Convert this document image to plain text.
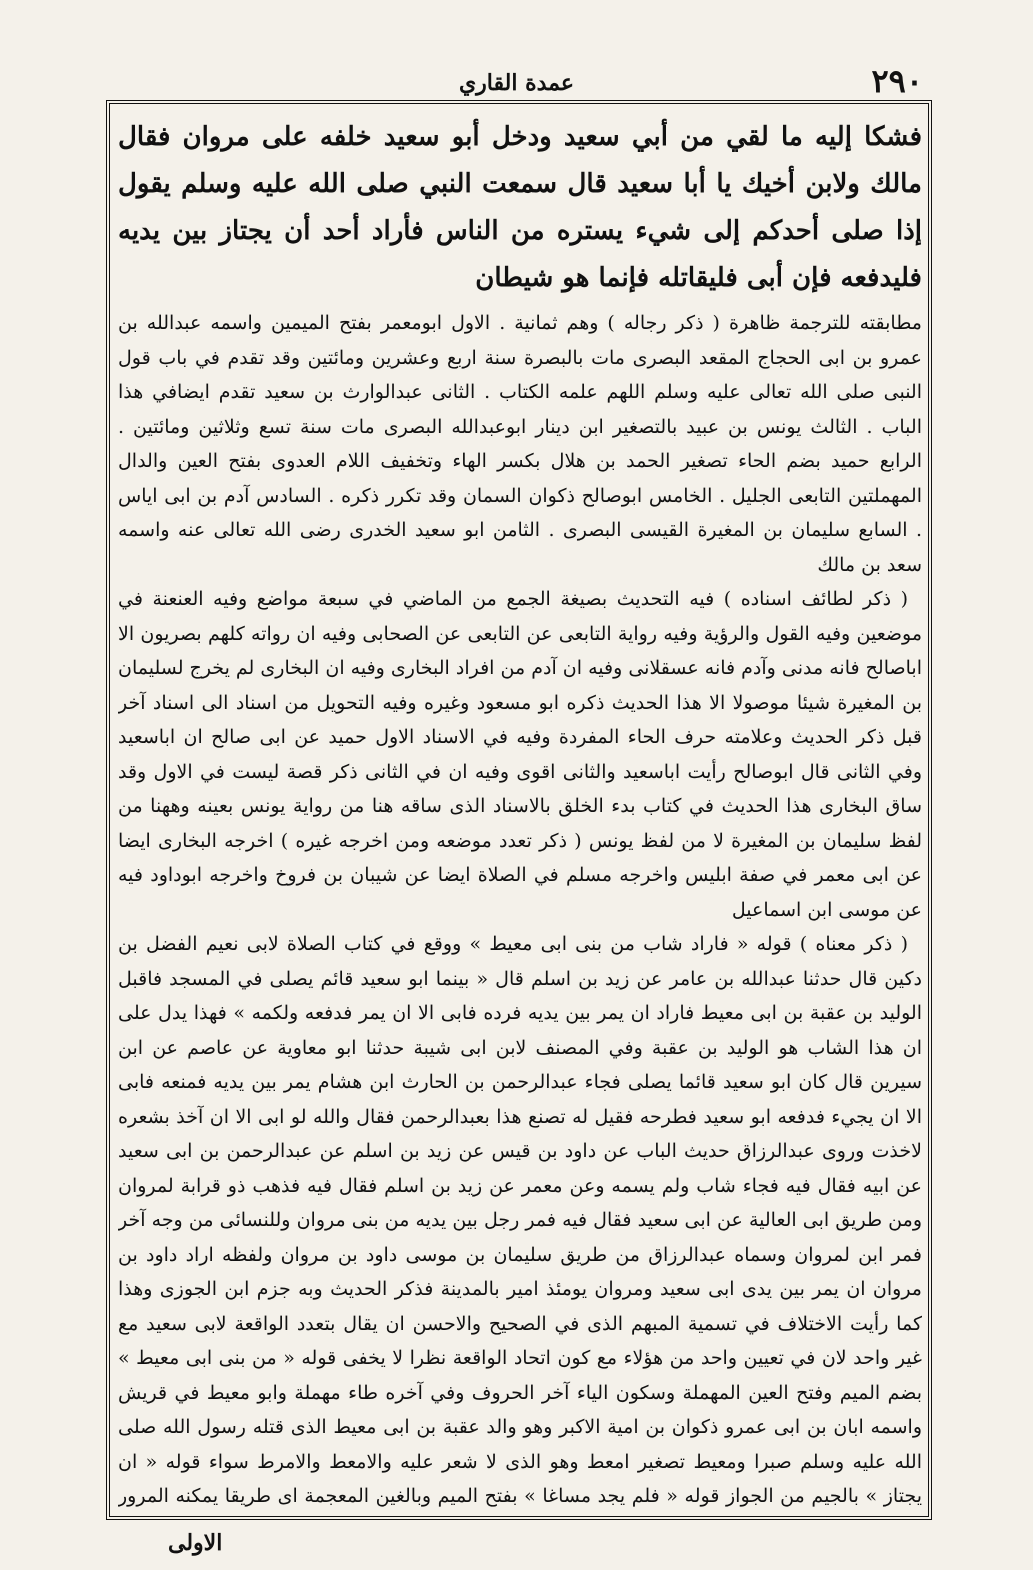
٢٩٠
عمدة القاري

فشكا إليه ما لقي من أبي سعيد ودخل أبو سعيد خلفه على مروان فقال مالك ولابن أخيك يا أبا سعيد قال سمعت النبي صلى الله عليه وسلم يقول إذا صلى أحدكم إلى شيء يستره من الناس فأراد أحد أن يجتاز بين يديه فليدفعه فإن أبى فليقاتله فإنما هو شيطان

مطابقته للترجمة ظاهرة ( ذكر رجاله ) وهم ثمانية . الاول ابومعمر بفتح الميمين واسمه عبدالله بن عمرو بن ابى الحجاج المقعد البصرى مات بالبصرة سنة اربع وعشرين ومائتين وقد تقدم في باب قول النبى صلى الله تعالى عليه وسلم اللهم علمه الكتاب . الثانى عبدالوارث بن سعيد تقدم ايضافي هذا الباب . الثالث يونس بن عبيد بالتصغير ابن دينار ابوعبدالله البصرى مات سنة تسع وثلاثين ومائتين . الرابع حميد بضم الحاء تصغير الحمد بن هلال بكسر الهاء وتخفيف اللام العدوى بفتح العين والدال المهملتين التابعى الجليل . الخامس ابوصالح ذكوان السمان وقد تكرر ذكره . السادس آدم بن ابى اياس . السابع سليمان بن المغيرة القيسى البصرى . الثامن ابو سعيد الخدرى رضى الله تعالى عنه واسمه سعد بن مالك

( ذكر لطائف اسناده ) فيه التحديث بصيغة الجمع من الماضي في سبعة مواضع وفيه العنعنة في موضعين وفيه القول والرؤية وفيه رواية التابعى عن التابعى عن الصحابى وفيه ان رواته كلهم بصريون الا اباصالح فانه مدنى وآدم فانه عسقلانى وفيه ان آدم من افراد البخارى وفيه ان البخارى لم يخرج لسليمان بن المغيرة شيئا موصولا الا هذا الحديث ذكره ابو مسعود وغيره وفيه التحويل من اسناد الى اسناد آخر قبل ذكر الحديث وعلامته حرف الحاء المفردة وفيه في الاسناد الاول حميد عن ابى صالح ان اباسعيد وفي الثانى قال ابوصالح رأيت اباسعيد والثانى اقوى وفيه ان في الثانى ذكر قصة ليست في الاول وقد ساق البخارى هذا الحديث في كتاب بدء الخلق بالاسناد الذى ساقه هنا من رواية يونس بعينه وههنا من لفظ سليمان بن المغيرة لا من لفظ يونس ( ذكر تعدد موضعه ومن اخرجه غيره ) اخرجه البخارى ايضا عن ابى معمر في صفة ابليس واخرجه مسلم في الصلاة ايضا عن شيبان بن فروخ واخرجه ابوداود فيه عن موسى ابن اسماعيل

( ذكر معناه ) قوله « فاراد شاب من بنى ابى معيط » ووقع في كتاب الصلاة لابى نعيم الفضل بن دكين قال حدثنا عبدالله بن عامر عن زيد بن اسلم قال « بينما ابو سعيد قائم يصلى في المسجد فاقبل الوليد بن عقبة بن ابى معيط فاراد ان يمر بين يديه فرده فابى الا ان يمر فدفعه ولكمه » فهذا يدل على ان هذا الشاب هو الوليد بن عقبة وفي المصنف لابن ابى شيبة حدثنا ابو معاوية عن عاصم عن ابن سيرين قال كان ابو سعيد قائما يصلى فجاء عبدالرحمن بن الحارث ابن هشام يمر بين يديه فمنعه فابى الا ان يجيء فدفعه ابو سعيد فطرحه فقيل له تصنع هذا بعبدالرحمن فقال والله لو ابى الا ان آخذ بشعره لاخذت وروى عبدالرزاق حديث الباب عن داود بن قيس عن زيد بن اسلم عن عبدالرحمن بن ابى سعيد عن ابيه فقال فيه فجاء شاب ولم يسمه وعن معمر عن زيد بن اسلم فقال فيه فذهب ذو قرابة لمروان ومن طريق ابى العالية عن ابى سعيد فقال فيه فمر رجل بين يديه من بنى مروان وللنسائى من وجه آخر فمر ابن لمروان وسماه عبدالرزاق من طريق سليمان بن موسى داود بن مروان ولفظه اراد داود بن مروان ان يمر بين يدى ابى سعيد ومروان يومئذ امير بالمدينة فذكر الحديث وبه جزم ابن الجوزى وهذا كما رأيت الاختلاف في تسمية المبهم الذى في الصحيح والاحسن ان يقال بتعدد الواقعة لابى سعيد مع غير واحد لان في تعيين واحد من هؤلاء مع كون اتحاد الواقعة نظرا لا يخفى قوله « من بنى ابى معيط » بضم الميم وفتح العين المهملة وسكون الياء آخر الحروف وفي آخره طاء مهملة وابو معيط في قريش واسمه ابان بن ابى عمرو ذكوان بن امية الاكبر وهو والد عقبة بن ابى معيط الذى قتله رسول الله صلى الله عليه وسلم صبرا ومعيط تصغير امعط وهو الذى لا شعر عليه والامعط والامرط سواء قوله « ان يجتاز » بالجيم من الجواز قوله « فلم يجد مساغا » بفتح الميم وبالغين المعجمة اى طريقا يمكنه المرور

الاولى
